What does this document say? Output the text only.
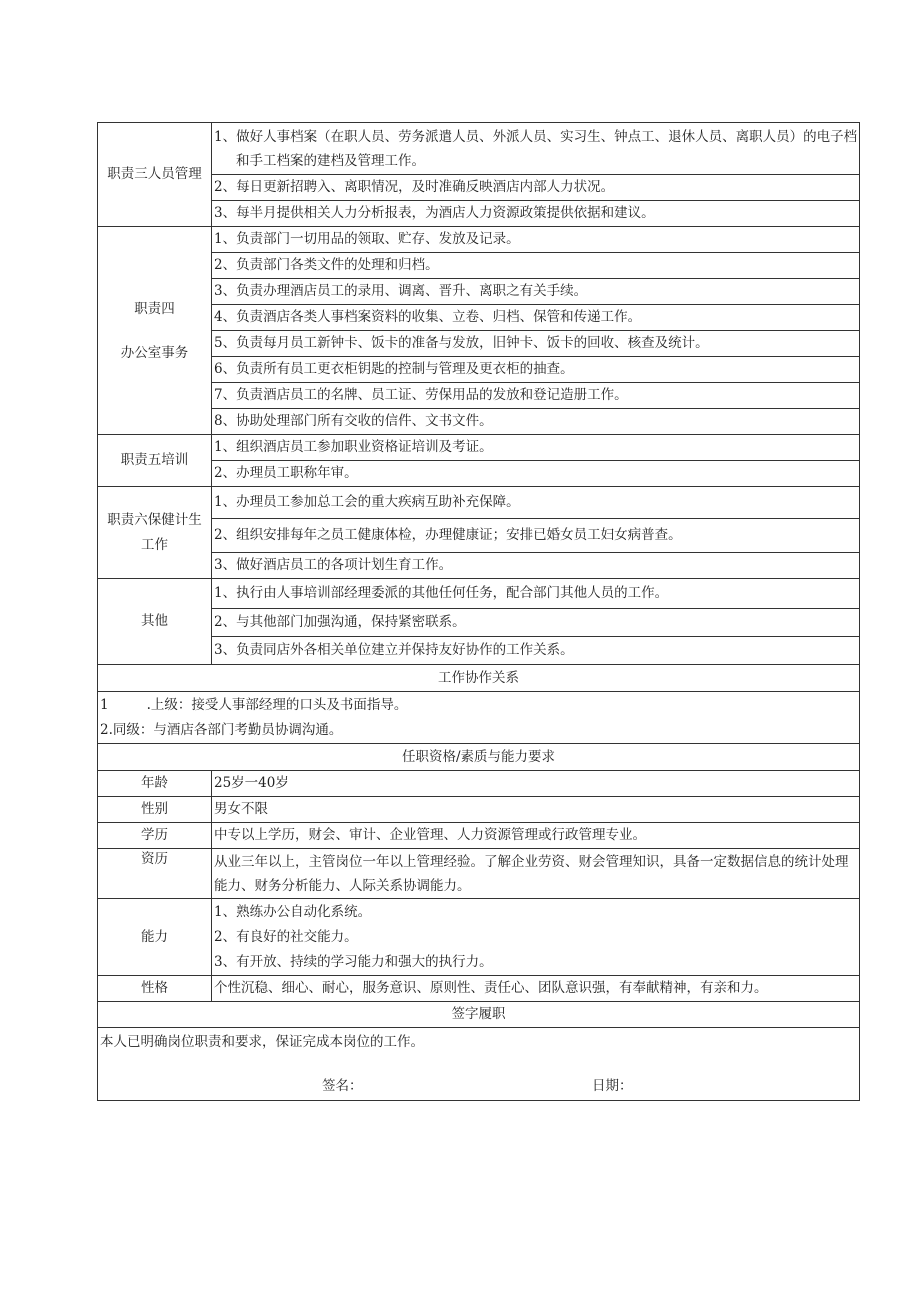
职责三人员管理	1、做好人事档案（在职人员、劳务派遣人员、外派人员、实习生、钟点工、退休人员、离职人员）的电子档和手工档案的建档及管理工作。
	2、每日更新招聘入、离职情况，及时准确反映酒店内部人力状况。
	3、每半月提供相关人力分析报表，为酒店人力资源政策提供依据和建议。

职责四
办公室事务	1、负责部门一切用品的领取、贮存、发放及记录。
	2、负责部门各类文件的处理和归档。
	3、负责办理酒店员工的录用、调离、晋升、离职之有关手续。
	4、负责酒店各类人事档案资料的收集、立卷、归档、保管和传递工作。
	5、负责每月员工新钟卡、饭卡的准备与发放，旧钟卡、饭卡的回收、核查及统计。
	6、负责所有员工更衣柜钥匙的控制与管理及更衣柜的抽查。
	7、负责酒店员工的名牌、员工证、劳保用品的发放和登记造册工作。
	8、协助处理部门所有交收的信件、文书文件。
职责五培训	1、组织酒店员工参加职业资格证培训及考证。
	2、办理员工职称年审。

职责六保健计生
工作	1、办理员工参加总工会的重大疾病互助补充保障。
	2、组织安排每年之员工健康体检，办理健康证；安排已婚女员工妇女病普查。
	3、做好酒店员工的各项计划生育工作。
其他	1、执行由人事培训部经理委派的其他任何任务，配合部门其他人员的工作。
	2、与其他部门加强沟通，保持紧密联系。
	3、负责同店外各相关单位建立并保持友好协作的工作关系。
工作协作关系	

1 .上级：接受人事部经理的口头及书面指导。
2.同级：与酒店各部门考勤员协调沟通。	

任职资格/素质与能力要求	
年龄	25岁一40岁
性别	男女不限
学历	中专以上学历，财会、审计、企业管理、人力资源管理或行政管理专业。
资历	从业三年以上，主管岗位一年以上管理经验。了解企业劳资、财会管理知识，具备一定数据信息的统计处理能力、财务分析能力、人际关系协调能力。
能力	1、熟练办公自动化系统。
2、有良好的社交能力。
3、有开放、持续的学习能力和强大的执行力。

性格	个性沉稳、细心、耐心，服务意识、原则性、责任心、团队意识强，有奉献精神，有亲和力。
签字履职	

本人已明确岗位职责和要求，保证完成本岗位的工作。
签名： 日期：	
